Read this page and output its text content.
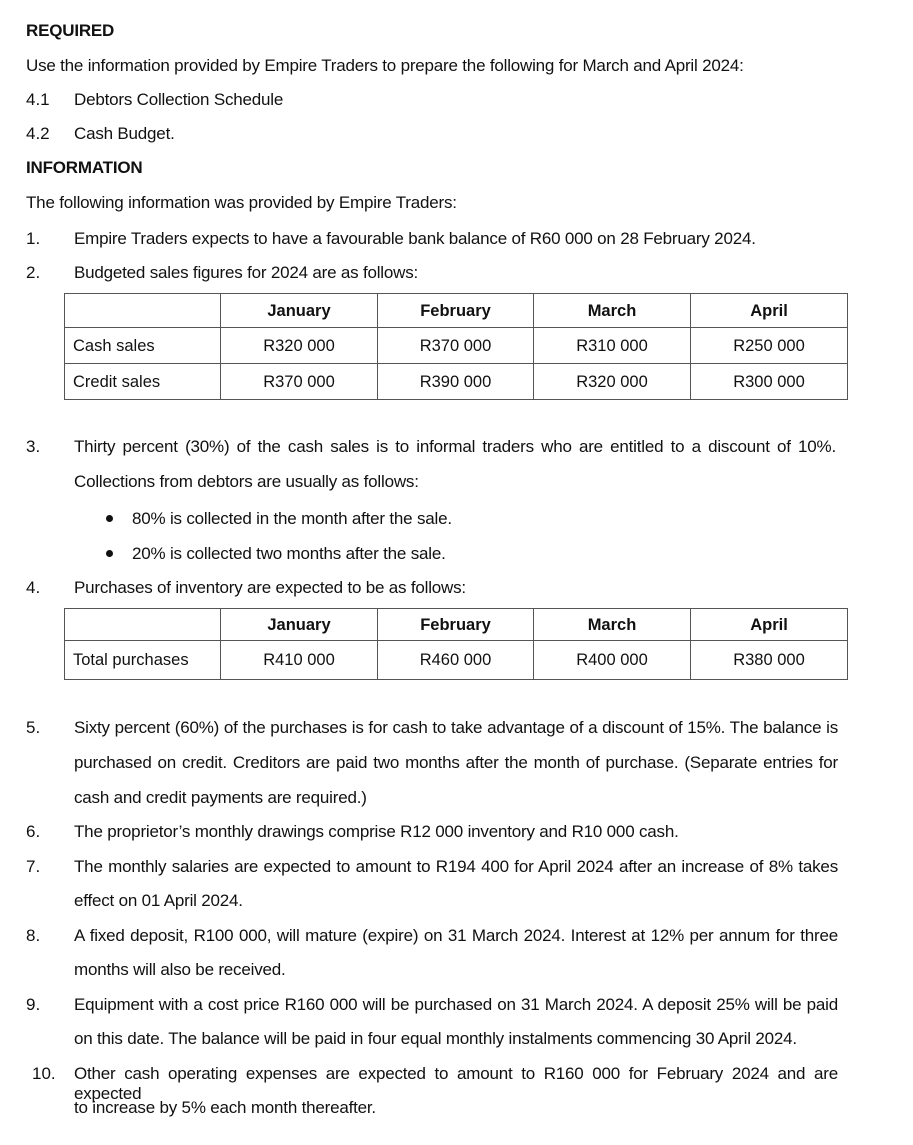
REQUIRED
Use the information provided by Empire Traders to prepare the following for March and April 2024:
4.1 Debtors Collection Schedule
4.2 Cash Budget.
INFORMATION
The following information was provided by Empire Traders:
1. Empire Traders expects to have a favourable bank balance of R60 000 on 28 February 2024.
2. Budgeted sales figures for 2024 are as follows:
	January	February	March	April
Cash sales	R320 000	R370 000	R310 000	R250 000
Credit sales	R370 000	R390 000	R320 000	R300 000
3. Thirty percent (30%) of the cash sales is to informal traders who are entitled to a discount of 10%.
Collections from debtors are usually as follows:
80% is collected in the month after the sale.
20% is collected two months after the sale.
4. Purchases of inventory are expected to be as follows:
	January	February	March	April
Total purchases	R410 000	R460 000	R400 000	R380 000
5. Sixty percent (60%) of the purchases is for cash to take advantage of a discount of 15%. The balance is
purchased on credit. Creditors are paid two months after the month of purchase. (Separate entries for
cash and credit payments are required.)
6. The proprietor’s monthly drawings comprise R12 000 inventory and R10 000 cash.
7. The monthly salaries are expected to amount to R194 400 for April 2024 after an increase of 8% takes
effect on 01 April 2024.
8. A fixed deposit, R100 000, will mature (expire) on 31 March 2024. Interest at 12% per annum for three
months will also be received.
9. Equipment with a cost price R160 000 will be purchased on 31 March 2024. A deposit 25% will be paid
on this date. The balance will be paid in four equal monthly instalments commencing 30 April 2024.
10. Other cash operating expenses are expected to amount to R160 000 for February 2024 and are expected
to increase by 5% each month thereafter.
